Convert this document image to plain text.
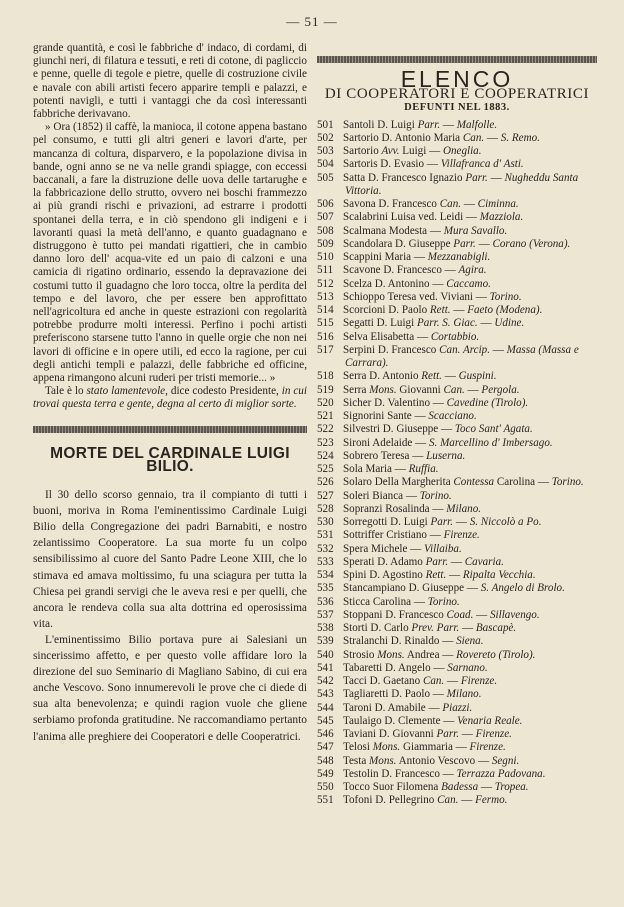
— 51 —

grande quantità, e così le fabbriche d' indaco, di cordami, di giunchi neri, di filatura e tessuti, e reti di cotone, di pagliccio e penne, quelle di tegole e pietre, quelle di costruzione civile e navale con abili artisti fecero apparire templi e palazzi, e potenti navigli, e tutti i vantaggi che da così interessanti fabbriche derivavano.

» Ora (1852) il caffè, la manioca, il cotone appena bastano pel consumo, e tutti gli altri generi e lavori d'arte, per mancanza di coltura, disparvero, e la popolazione divisa in bande, ogni anno se ne va nelle grandi spiagge, con eccessi baccanali, a fare la distruzione delle uova delle tartarughe e la fabbricazione dello strutto, ovvero nei boschi frammezzo ai più grandi rischi e privazioni, ad estrarre i prodotti spontanei della terra, e in ciò spendono gli indigeni e i lavoranti quasi la metà dell'anno, e quanto guadagnano e distruggono è tutto pei mandati rigattieri, che in cambio danno loro dell' acqua-vite ed un paio di calzoni e una camicia di rigatino ordinario, essendo la depravazione dei costumi tutto il guadagno che loro tocca, oltre la perdita del tempo e del lavoro, che per essere ben approfittato nell'agricoltura ed anche in queste estrazioni con regolarità potrebbe produrre molti interessi. Perfino i pochi artisti preferiscono starsene tutto l'anno in quelle orgie che non nei lavori di officine e in opere utili, ed ecco la ragione, per cui degli antichi templi e palazzi, delle fabbriche ed officine, appena rimangono alcuni ruderi per tristi memorie... »

Tale è lo stato lamentevole, dice codesto Presidente, in cui trovai questa terra e gente, degna al certo di miglior sorte.

MORTE DEL CARDINALE LUIGI BILIO.

Il 30 dello scorso gennaio, tra il compianto di tutti i buoni, moriva in Roma l'eminentissimo Cardinale Luigi Bilio della Congregazione dei padri Barnabiti, e nostro zelantissimo Cooperatore. La sua morte fu un colpo sensibilissimo al cuore del Santo Padre Leone XIII, che lo stimava ed amava moltissimo, fu una sciagura per tutta la Chiesa pei grandi servigi che le aveva resi e per quelli, che ancora le rendeva colla sua alta dottrina ed operosissima vita.

L'eminentissimo Bilio portava pure ai Salesiani un sincerissimo affetto, e per questo volle affidare loro la direzione del suo Seminario di Magliano Sabino, di cui era anche Vescovo. Sono innumerevoli le prove che ci diede di sua alta benevolenza; e quindi ragion vuole che gliene serbiamo profonda gratitudine. Ne raccomandiamo pertanto l'anima alle preghiere dei Cooperatori e delle Cooperatrici.

ELENCO
DI COOPERATORI E COOPERATRICI
DEFUNTI NEL 1883.

501 Santoli D. Luigi Parr. — Malfolle.

502 Sartorio D. Antonio Maria Can. — S. Remo.

503 Sartorio Avv. Luigi — Oneglia.

504 Sartoris D. Evasio — Villafranca d' Asti.

505 Satta D. Francesco Ignazio Parr. — Nugheddu Santa Vittoria.

506 Savona D. Francesco Can. — Ciminna.

507 Scalabrini Luisa ved. Leidi — Mazziola.

508 Scalmana Modesta — Mura Savallo.

509 Scandolara D. Giuseppe Parr. — Corano (Verona).

510 Scappini Maria — Mezzanabigli.

511 Scavone D. Francesco — Agira.

512 Scelza D. Antonino — Caccamo.

513 Schioppo Teresa ved. Viviani — Torino.

514 Scorcioni D. Paolo Rett. — Faeto (Modena).

515 Segatti D. Luigi Parr. S. Giac. — Udine.

516 Selva Elisabetta — Cortabbio.

517 Serpini D. Francesco Can. Arcip. — Massa (Massa e Carrara).

518 Serra D. Antonio Rett. — Guspini.

519 Serra Mons. Giovanni Can. — Pergola.

520 Sicher D. Valentino — Cavedine (Tirolo).

521 Signorini Sante — Scacciano.

522 Silvestri D. Giuseppe — Toco Sant' Agata.

523 Sironi Adelaide — S. Marcellino d' Imbersago.

524 Sobrero Teresa — Luserna.

525 Sola Maria — Ruffia.

526 Solaro Della Margherita Contessa Carolina — Torino.

527 Soleri Bianca — Torino.

528 Sopranzi Rosalinda — Milano.

530 Sorregotti D. Luigi Parr. — S. Niccolò a Po.

531 Sottriffer Cristiano — Firenze.

532 Spera Michele — Villaiba.

533 Sperati D. Adamo Parr. — Cavaria.

534 Spini D. Agostino Rett. — Ripalta Vecchia.

535 Stancampiano D. Giuseppe — S. Angelo di Brolo.

536 Sticca Carolina — Torino.

537 Stoppani D. Francesco Coad. — Sillavengo.

538 Storti D. Carlo Prev. Parr. — Bascapè.

539 Stralanchi D. Rinaldo — Siena.

540 Strosio Mons. Andrea — Rovereto (Tirolo).

541 Tabaretti D. Angelo — Sarnano.

542 Tacci D. Gaetano Can. — Firenze.

543 Tagliaretti D. Paolo — Milano.

544 Taroni D. Amabile — Piazzi.

545 Taulaigo D. Clemente — Venaria Reale.

546 Taviani D. Giovanni Parr. — Firenze.

547 Telosi Mons. Giammaria — Firenze.

548 Testa Mons. Antonio Vescovo — Segni.

549 Testolin D. Francesco — Terrazza Padovana.

550 Tocco Suor Filomena Badessa — Tropea.

551 Tofoni D. Pellegrino Can. — Fermo.
